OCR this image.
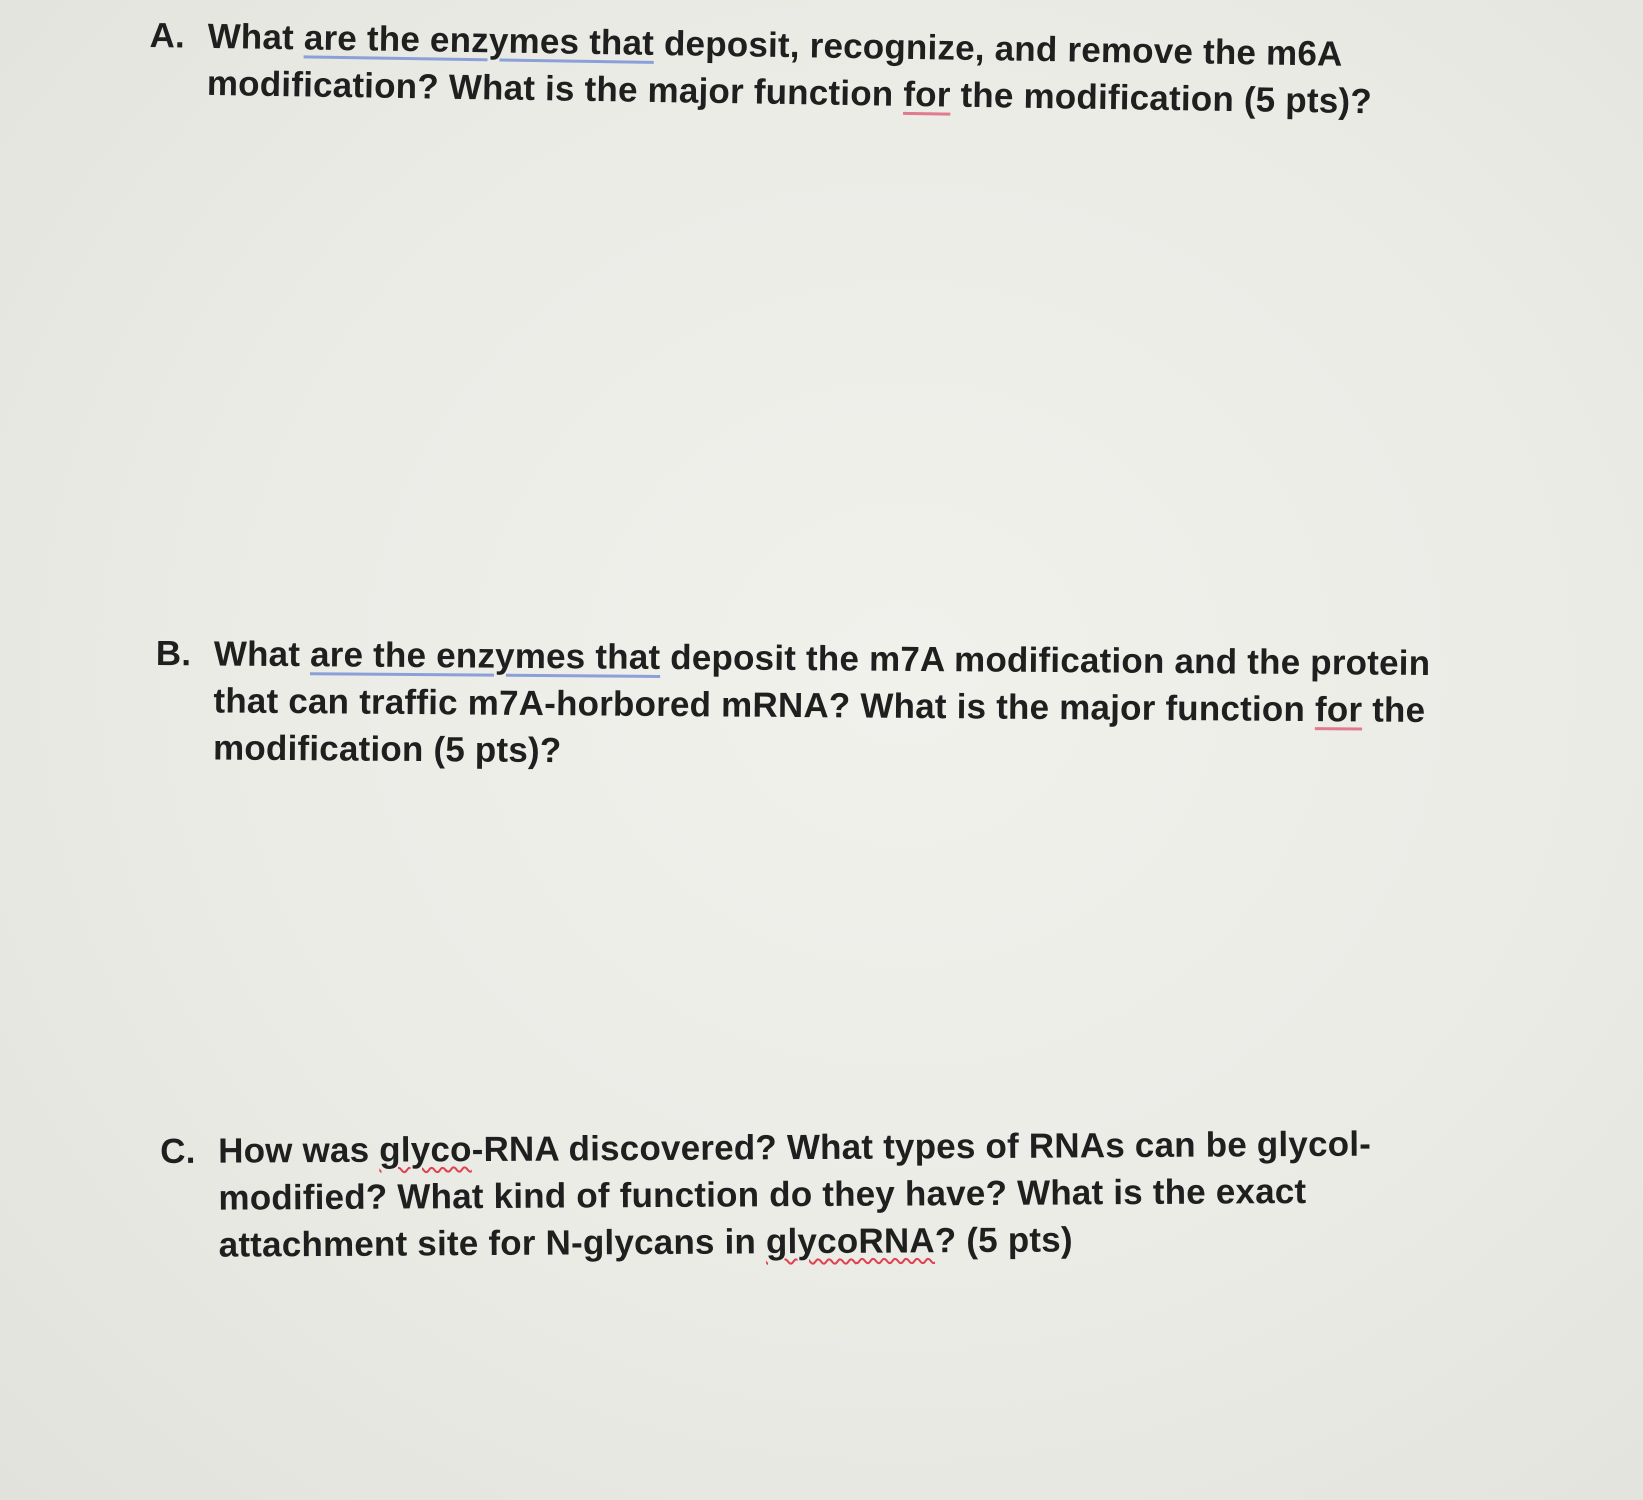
A. What are the enzymes that deposit, recognize, and remove the m6A
modification? What is the major function for the modification (5 pts)?
B. What are the enzymes that deposit the m7A modification and the protein
that can traffic m7A-horbored mRNA? What is the major function for the
modification (5 pts)?
C. How was glyco-RNA discovered? What types of RNAs can be glycol-
modified? What kind of function do they have? What is the exact
attachment site for N-glycans in glycoRNA? (5 pts)
